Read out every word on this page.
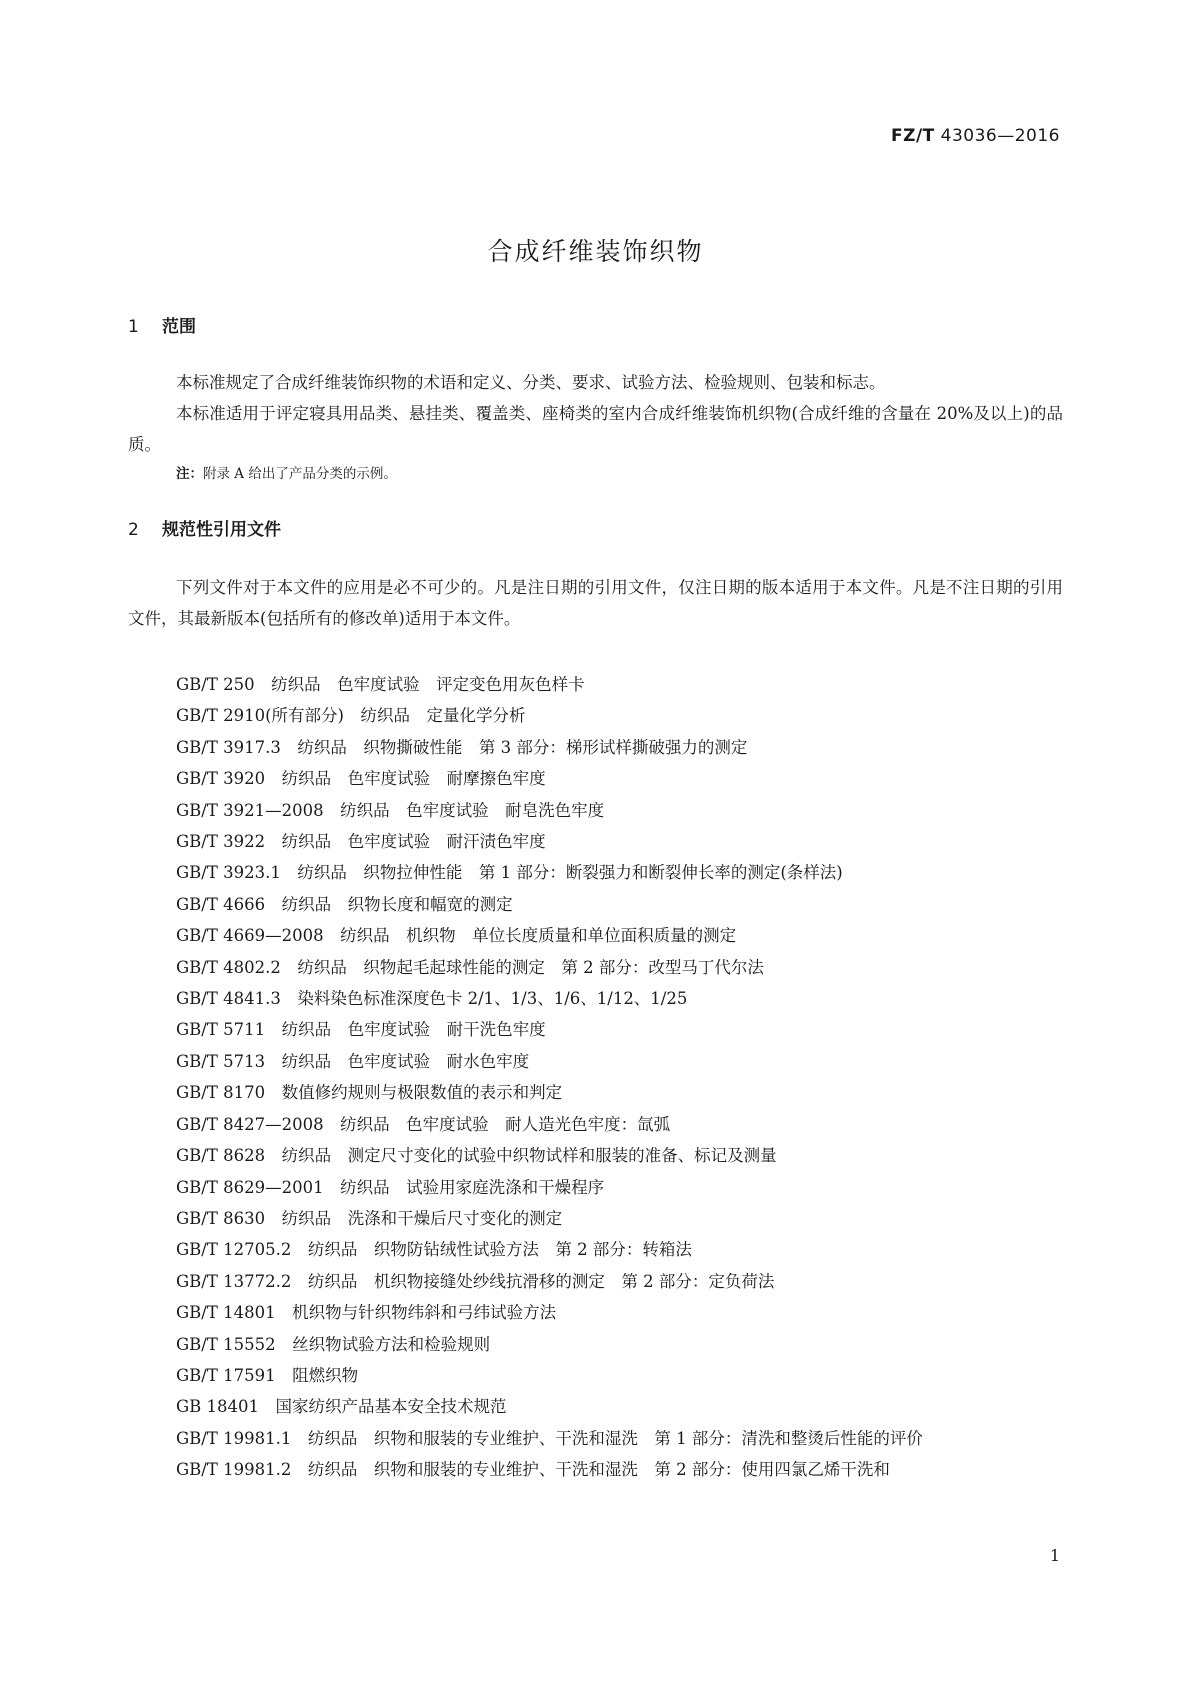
FZ/T 43036—2016
合成纤维装饰织物
1 范围
本标准规定了合成纤维装饰织物的术语和定义、分类、要求、试验方法、检验规则、包装和标志。
本标准适用于评定寝具用品类、悬挂类、覆盖类、座椅类的室内合成纤维装饰机织物(合成纤维的含量在 20%及以上)的品质。
注：附录 A 给出了产品分类的示例。
2 规范性引用文件
下列文件对于本文件的应用是必不可少的。凡是注日期的引用文件，仅注日期的版本适用于本文件。凡是不注日期的引用文件，其最新版本(包括所有的修改单)适用于本文件。
GB/T 250　纺织品　色牢度试验　评定变色用灰色样卡
GB/T 2910(所有部分)　纺织品　定量化学分析
GB/T 3917.3　纺织品　织物撕破性能　第 3 部分：梯形试样撕破强力的测定
GB/T 3920　纺织品　色牢度试验　耐摩擦色牢度
GB/T 3921—2008　纺织品　色牢度试验　耐皂洗色牢度
GB/T 3922　纺织品　色牢度试验　耐汗渍色牢度
GB/T 3923.1　纺织品　织物拉伸性能　第 1 部分：断裂强力和断裂伸长率的测定(条样法)
GB/T 4666　纺织品　织物长度和幅宽的测定
GB/T 4669—2008　纺织品　机织物　单位长度质量和单位面积质量的测定
GB/T 4802.2　纺织品　织物起毛起球性能的测定　第 2 部分：改型马丁代尔法
GB/T 4841.3　染料染色标准深度色卡 2/1、1/3、1/6、1/12、1/25
GB/T 5711　纺织品　色牢度试验　耐干洗色牢度
GB/T 5713　纺织品　色牢度试验　耐水色牢度
GB/T 8170　数值修约规则与极限数值的表示和判定
GB/T 8427—2008　纺织品　色牢度试验　耐人造光色牢度：氙弧
GB/T 8628　纺织品　测定尺寸变化的试验中织物试样和服装的准备、标记及测量
GB/T 8629—2001　纺织品　试验用家庭洗涤和干燥程序
GB/T 8630　纺织品　洗涤和干燥后尺寸变化的测定
GB/T 12705.2　纺织品　织物防钻绒性试验方法　第 2 部分：转箱法
GB/T 13772.2　纺织品　机织物接缝处纱线抗滑移的测定　第 2 部分：定负荷法
GB/T 14801　机织物与针织物纬斜和弓纬试验方法
GB/T 15552　丝织物试验方法和检验规则
GB/T 17591　阻燃织物
GB 18401　国家纺织产品基本安全技术规范
GB/T 19981.1　纺织品　织物和服装的专业维护、干洗和湿洗　第 1 部分：清洗和整烫后性能的评价
GB/T 19981.2　纺织品　织物和服装的专业维护、干洗和湿洗　第 2 部分：使用四氯乙烯干洗和
1
